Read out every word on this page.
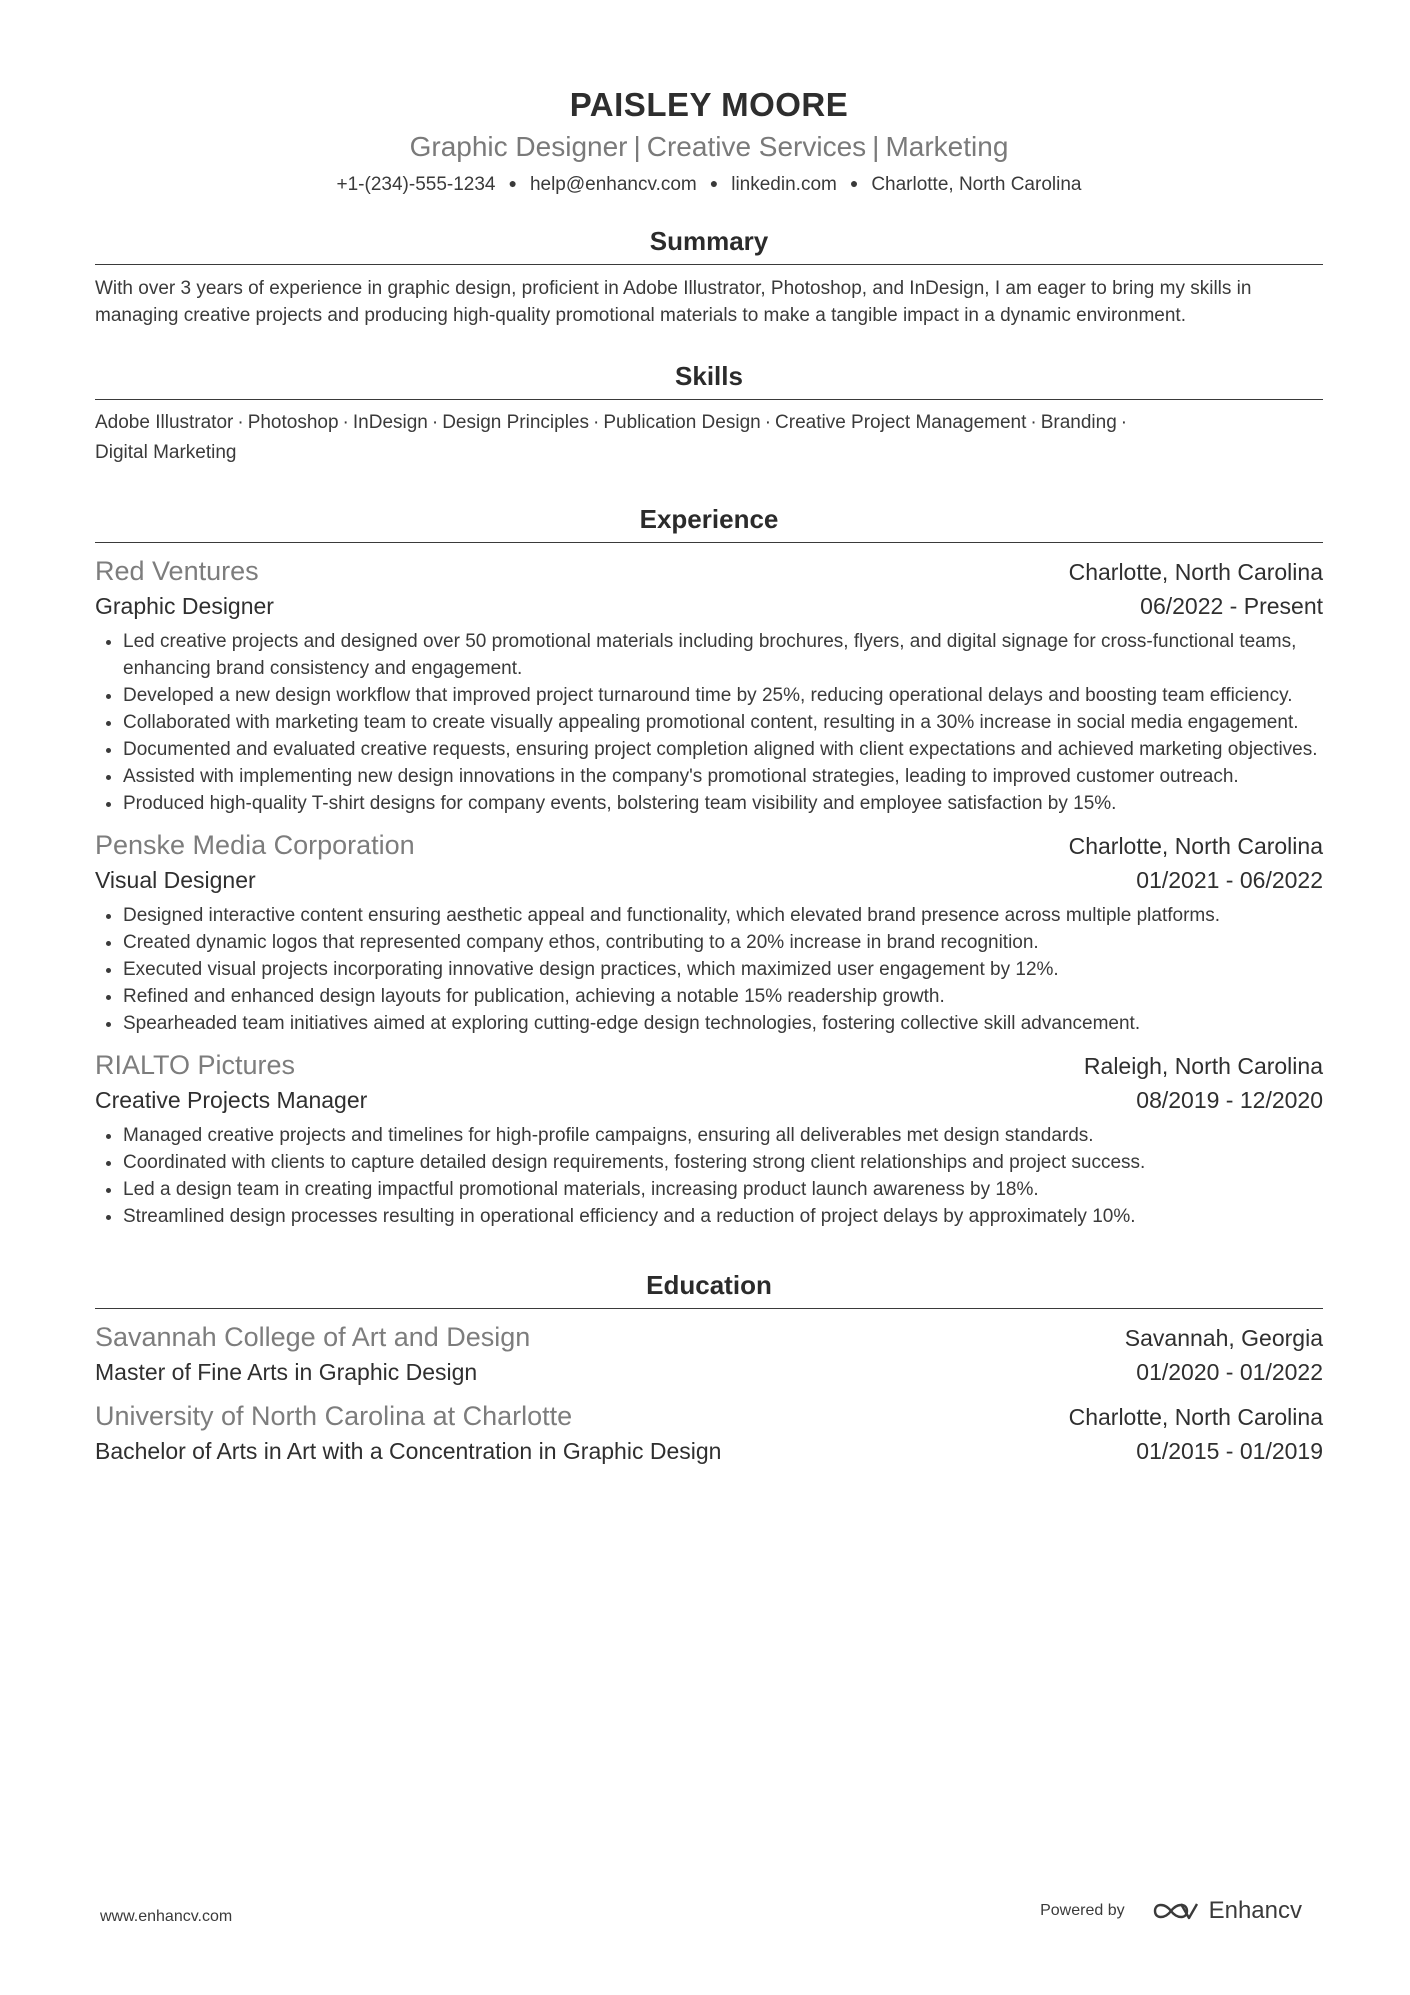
PAISLEY MOORE
Graphic Designer | Creative Services | Marketing
+1-(234)-555-1234 ● help@enhancv.com ● linkedin.com ● Charlotte, North Carolina
Summary
With over 3 years of experience in graphic design, proficient in Adobe Illustrator, Photoshop, and InDesign, I am eager to bring my skills in managing creative projects and producing high-quality promotional materials to make a tangible impact in a dynamic environment.
Skills
Adobe Illustrator · Photoshop · InDesign · Design Principles · Publication Design · Creative Project Management · Branding ·
Digital Marketing
Experience
Red Ventures	Charlotte, North Carolina
Graphic Designer	06/2022 - Present
• Led creative projects and designed over 50 promotional materials including brochures, flyers, and digital signage for cross-functional teams, enhancing brand consistency and engagement.
• Developed a new design workflow that improved project turnaround time by 25%, reducing operational delays and boosting team efficiency.
• Collaborated with marketing team to create visually appealing promotional content, resulting in a 30% increase in social media engagement.
• Documented and evaluated creative requests, ensuring project completion aligned with client expectations and achieved marketing objectives.
• Assisted with implementing new design innovations in the company's promotional strategies, leading to improved customer outreach.
• Produced high-quality T-shirt designs for company events, bolstering team visibility and employee satisfaction by 15%.
Penske Media Corporation	Charlotte, North Carolina
Visual Designer	01/2021 - 06/2022
• Designed interactive content ensuring aesthetic appeal and functionality, which elevated brand presence across multiple platforms.
• Created dynamic logos that represented company ethos, contributing to a 20% increase in brand recognition.
• Executed visual projects incorporating innovative design practices, which maximized user engagement by 12%.
• Refined and enhanced design layouts for publication, achieving a notable 15% readership growth.
• Spearheaded team initiatives aimed at exploring cutting-edge design technologies, fostering collective skill advancement.
RIALTO Pictures	Raleigh, North Carolina
Creative Projects Manager	08/2019 - 12/2020
• Managed creative projects and timelines for high-profile campaigns, ensuring all deliverables met design standards.
• Coordinated with clients to capture detailed design requirements, fostering strong client relationships and project success.
• Led a design team in creating impactful promotional materials, increasing product launch awareness by 18%.
• Streamlined design processes resulting in operational efficiency and a reduction of project delays by approximately 10%.
Education
Savannah College of Art and Design	Savannah, Georgia
Master of Fine Arts in Graphic Design	01/2020 - 01/2022
University of North Carolina at Charlotte	Charlotte, North Carolina
Bachelor of Arts in Art with a Concentration in Graphic Design	01/2015 - 01/2019
www.enhancv.com	Powered by	Enhancv
